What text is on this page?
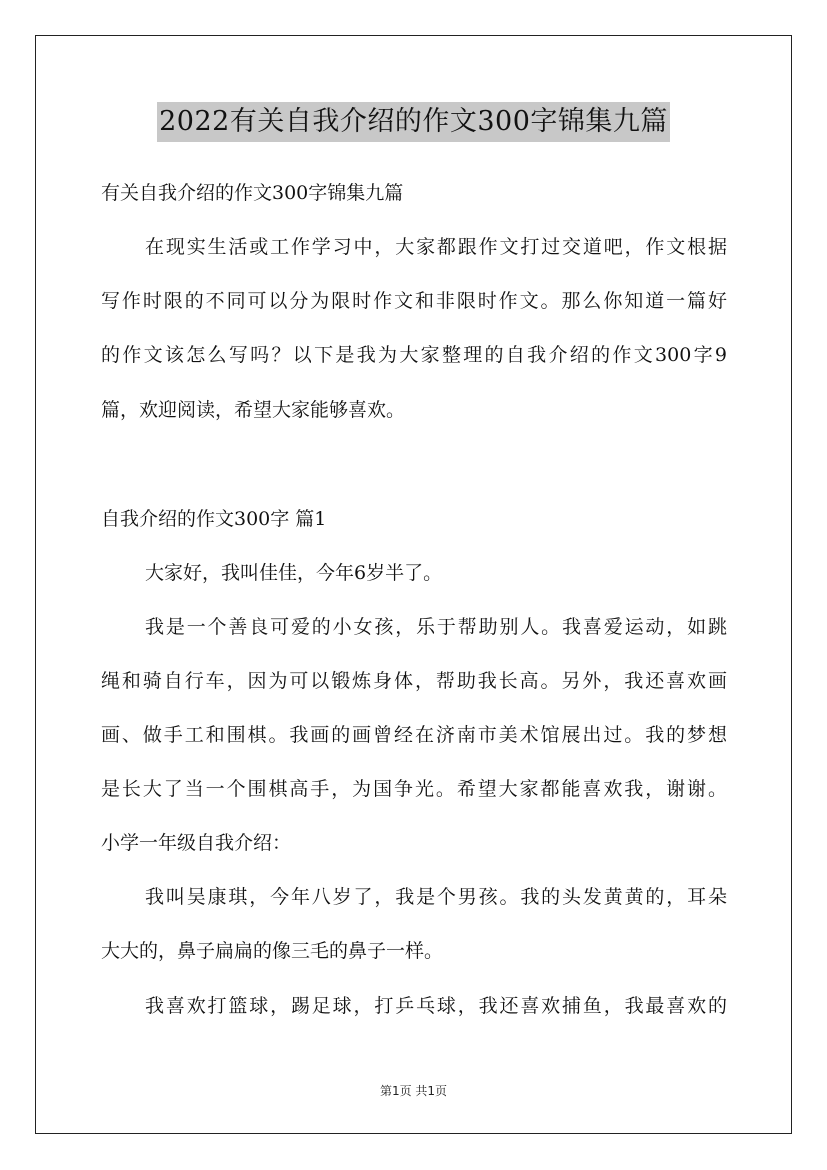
2022有关自我介绍的作文300字锦集九篇
有关自我介绍的作文300字锦集九篇
在现实生活或工作学习中，大家都跟作文打过交道吧，作文根据
写作时限的不同可以分为限时作文和非限时作文。那么你知道一篇好
的作文该怎么写吗？以下是我为大家整理的自我介绍的作文300字9
篇，欢迎阅读，希望大家能够喜欢。
自我介绍的作文300字 篇1
大家好，我叫佳佳，今年6岁半了。
我是一个善良可爱的小女孩，乐于帮助别人。我喜爱运动，如跳
绳和骑自行车，因为可以锻炼身体，帮助我长高。另外，我还喜欢画
画、做手工和围棋。我画的画曾经在济南市美术馆展出过。我的梦想
是长大了当一个围棋高手，为国争光。希望大家都能喜欢我，谢谢。
小学一年级自我介绍：
我叫吴康琪，今年八岁了，我是个男孩。我的头发黄黄的，耳朵
大大的，鼻子扁扁的像三毛的鼻子一样。
我喜欢打篮球，踢足球，打乒乓球，我还喜欢捕鱼，我最喜欢的
第1页 共1页
